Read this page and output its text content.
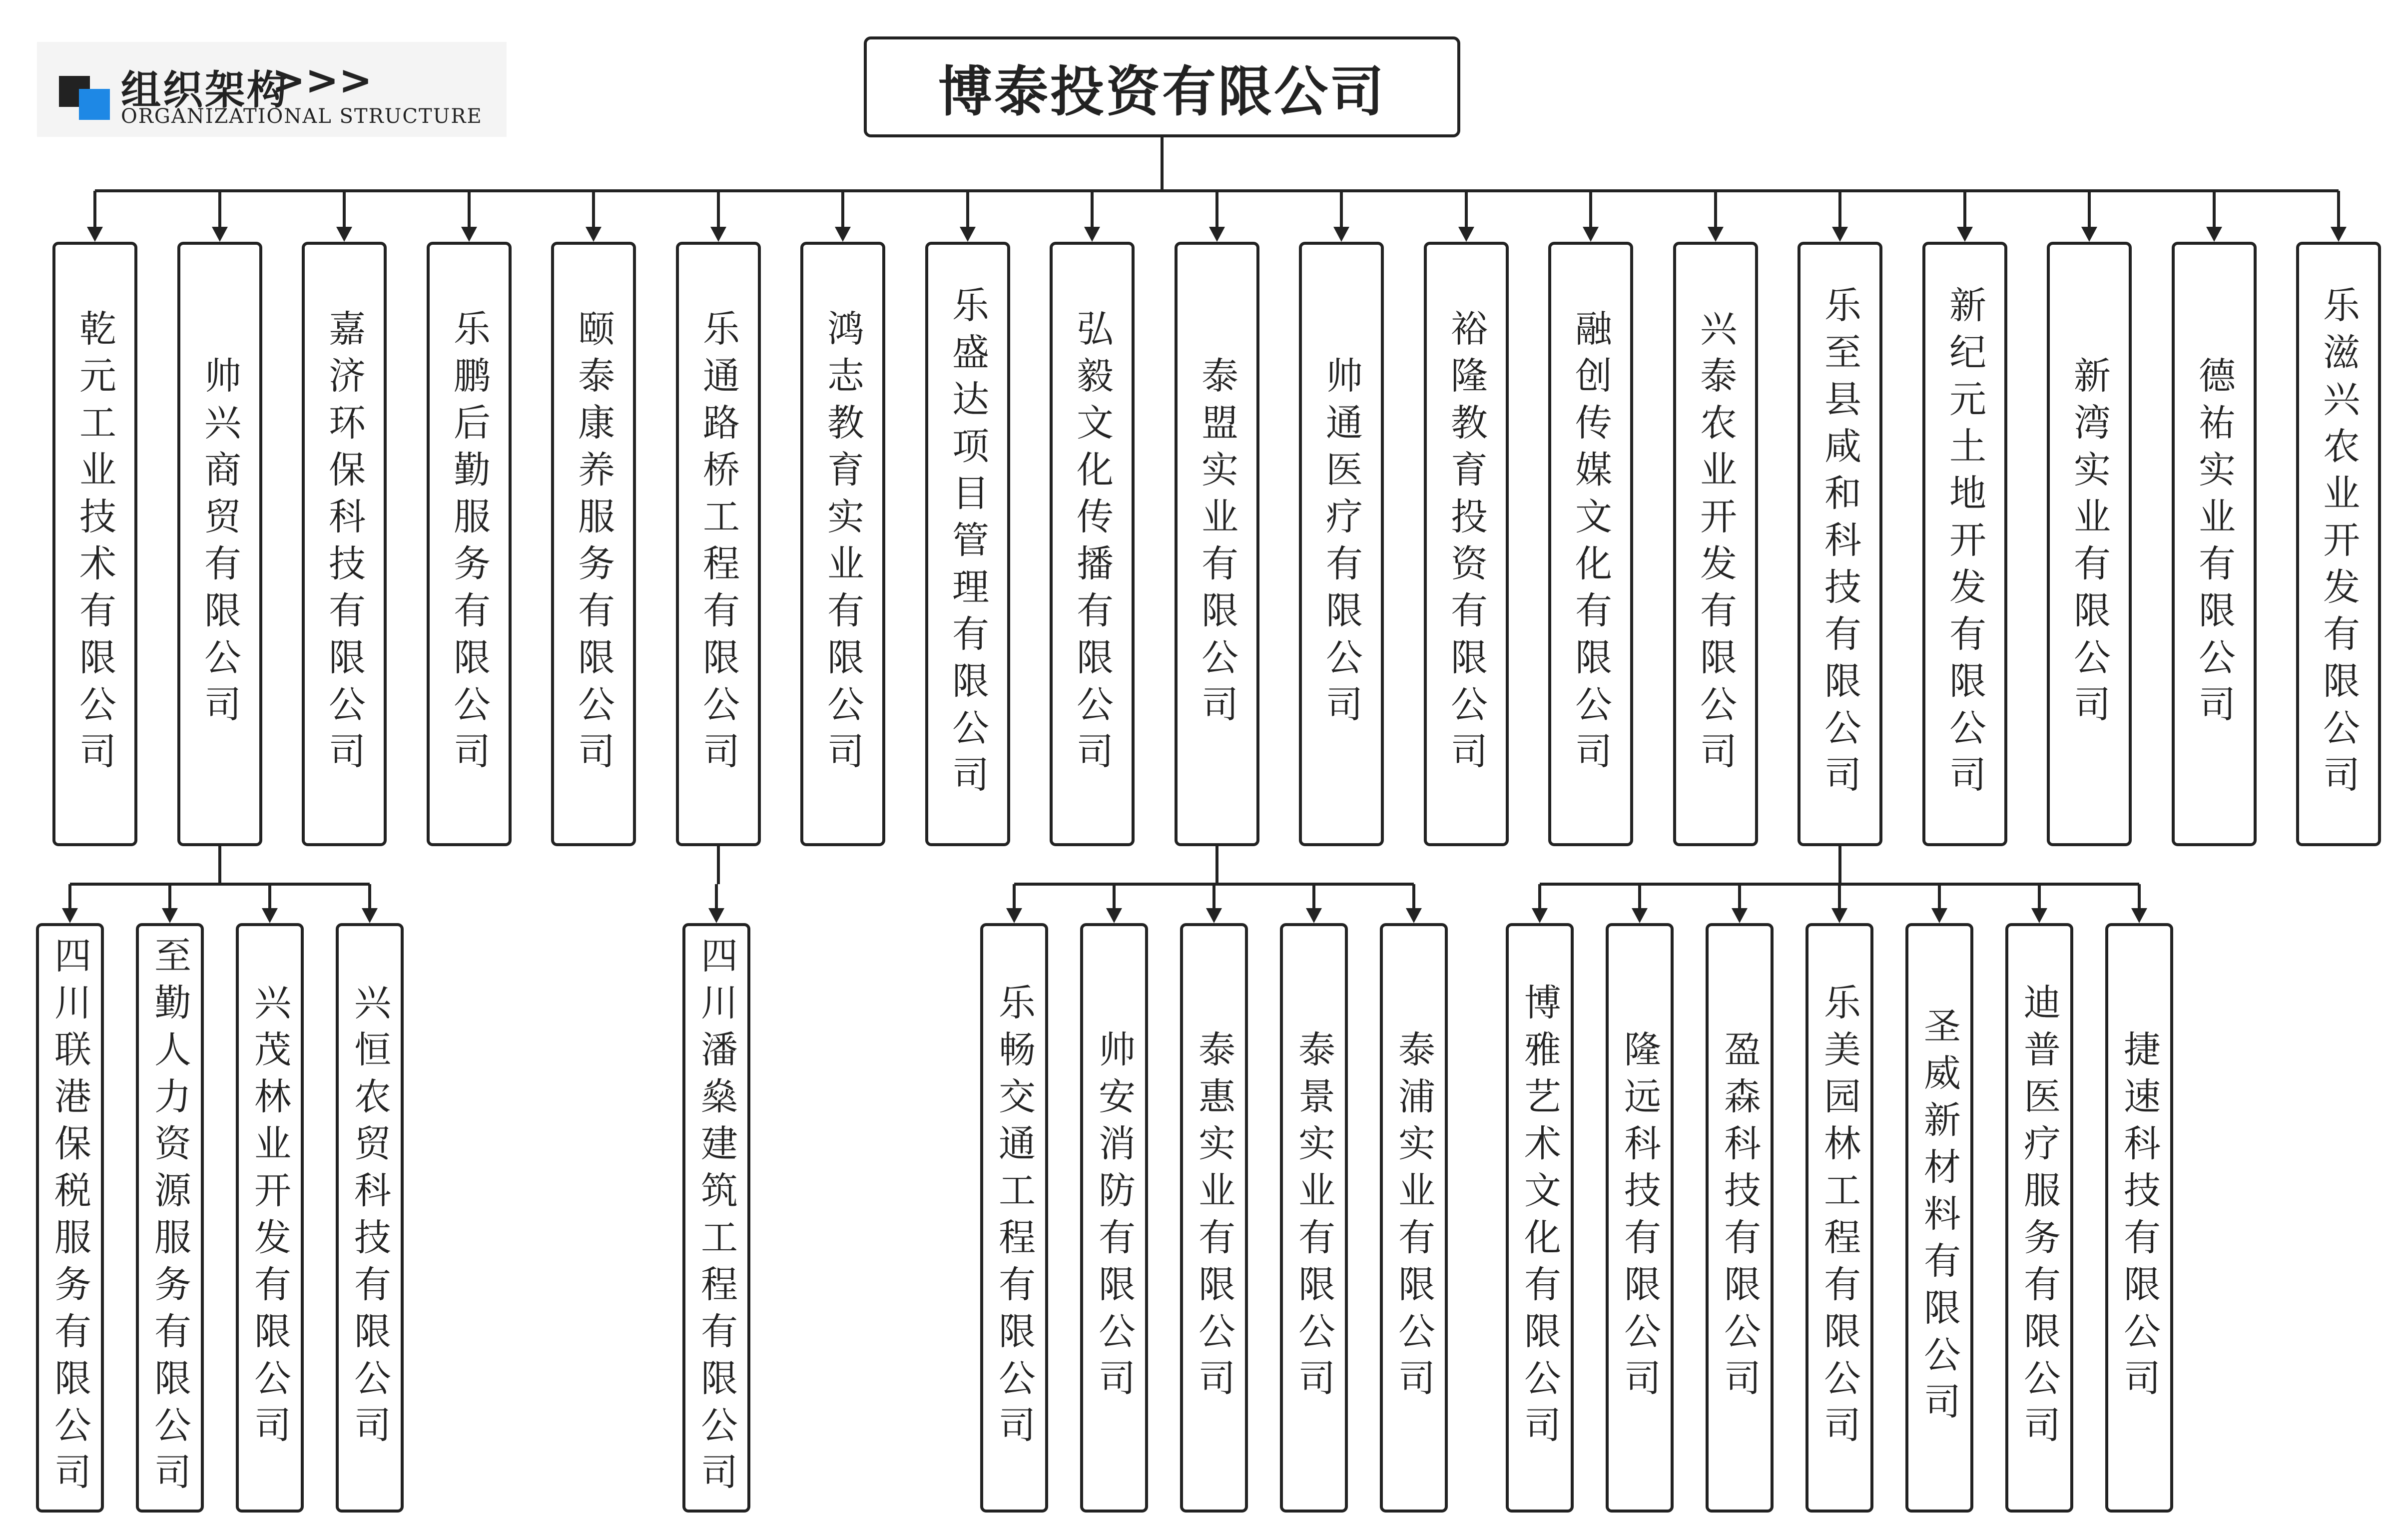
组织架构
>>>
ORGANIZATIONAL STRUCTURE	博泰投资有限公司
乾元工业技术有限公司 帅兴商贸有限公司
四川联港保税服务有限公司 至勤人力资源服务有限公司 兴茂林业开发有限公司 兴恒农贸科技有限公司
嘉济环保科技有限公司 乐鹏后勤服务有限公司 颐泰康养服务有限公司 乐通路桥工程有限公司
四川潘燊建筑工程有限公司
鸿志教育实业有限公司 乐盛达项目管理有限公司 弘毅文化传播有限公司 泰盟实业有限公司
乐畅交通工程有限公司 帅安消防有限公司 泰惠实业有限公司 泰景实业有限公司 泰浦实业有限公司
帅通医疗有限公司 裕隆教育投资有限公司 融创传媒文化有限公司 兴泰农业开发有限公司 乐至县咸和科技有限公司
博雅艺术文化有限公司 隆远科技有限公司 盈森科技有限公司 乐美园林工程有限公司 圣威新材料有限公司 迪普医疗服务有限公司 捷速科技有限公司
新纪元土地开发有限公司 新湾实业有限公司 德祐实业有限公司 乐滋兴农业开发有限公司
